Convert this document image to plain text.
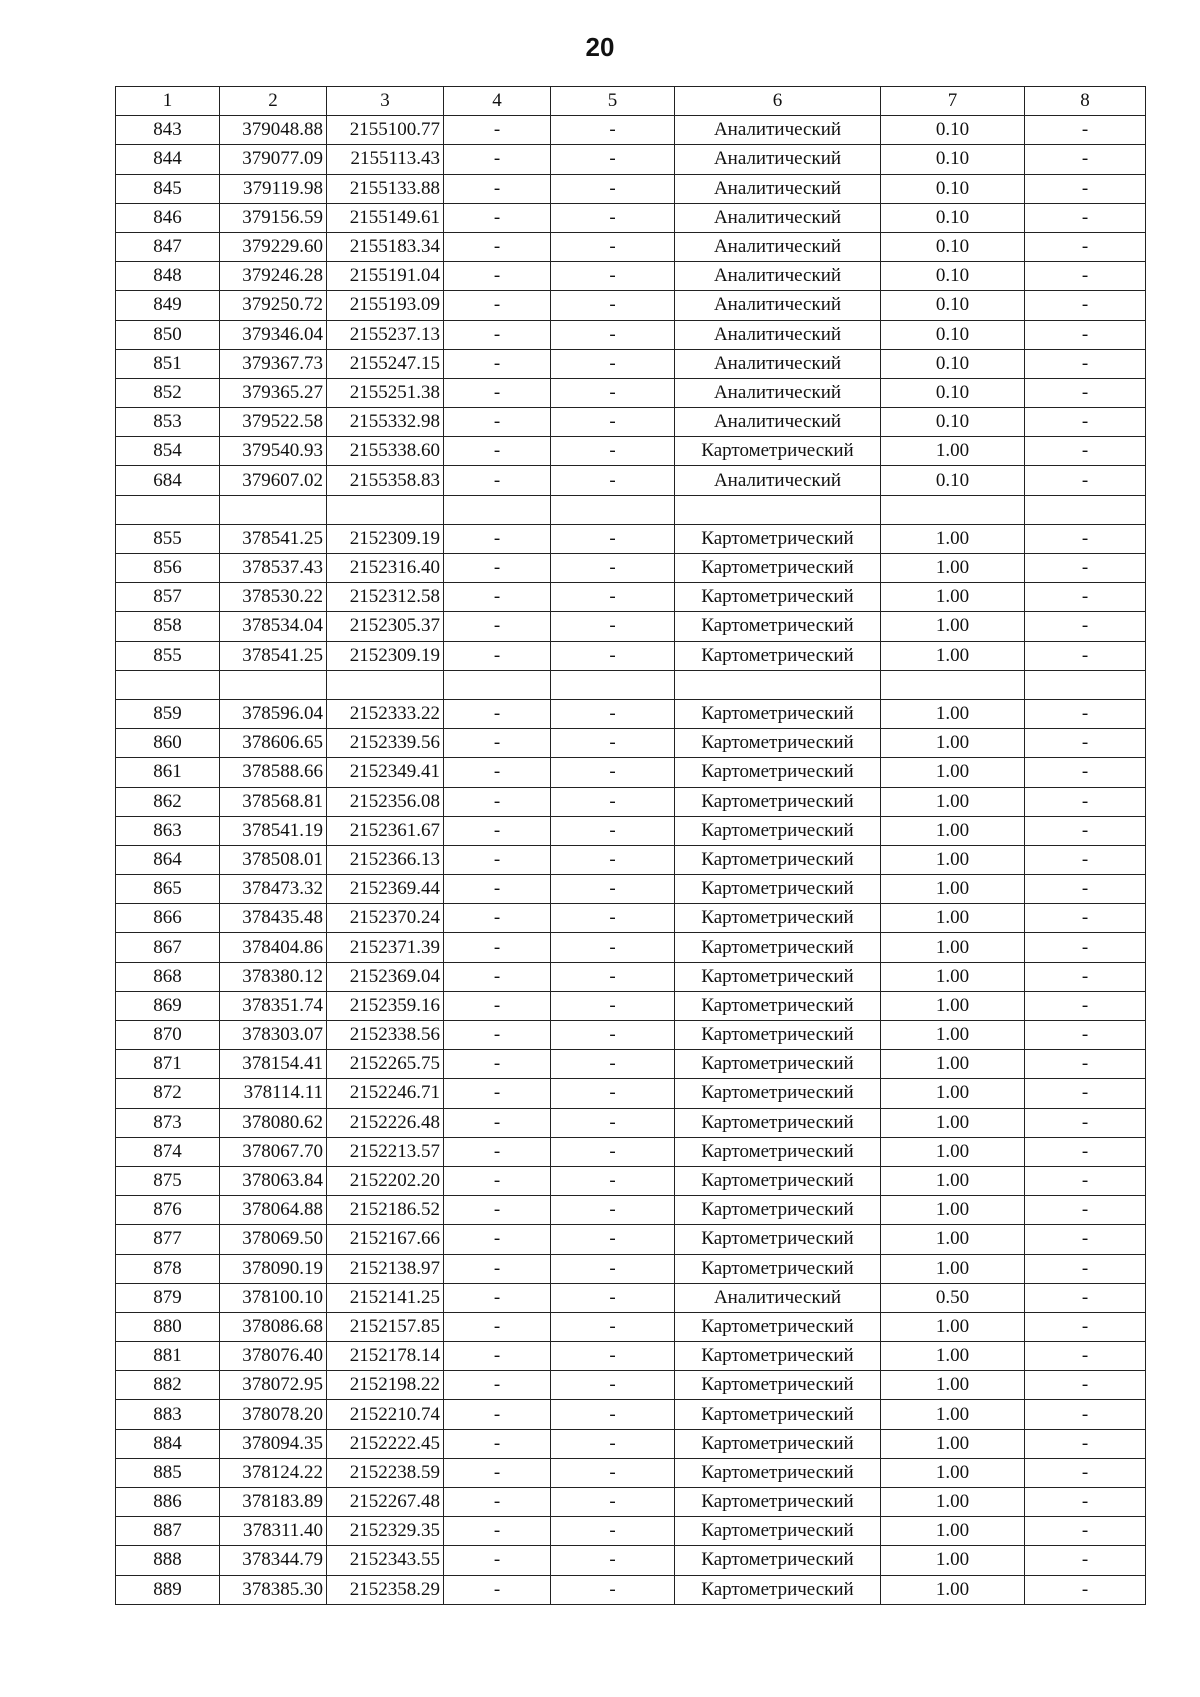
20
1	2	3	4	5	6	7	8
843	379048.88	2155100.77	-	-	Аналитический	0.10	-
844	379077.09	2155113.43	-	-	Аналитический	0.10	-
845	379119.98	2155133.88	-	-	Аналитический	0.10	-
846	379156.59	2155149.61	-	-	Аналитический	0.10	-
847	379229.60	2155183.34	-	-	Аналитический	0.10	-
848	379246.28	2155191.04	-	-	Аналитический	0.10	-
849	379250.72	2155193.09	-	-	Аналитический	0.10	-
850	379346.04	2155237.13	-	-	Аналитический	0.10	-
851	379367.73	2155247.15	-	-	Аналитический	0.10	-
852	379365.27	2155251.38	-	-	Аналитический	0.10	-
853	379522.58	2155332.98	-	-	Аналитический	0.10	-
854	379540.93	2155338.60	-	-	Картометрический	1.00	-
684	379607.02	2155358.83	-	-	Аналитический	0.10	-

855	378541.25	2152309.19	-	-	Картометрический	1.00	-
856	378537.43	2152316.40	-	-	Картометрический	1.00	-
857	378530.22	2152312.58	-	-	Картометрический	1.00	-
858	378534.04	2152305.37	-	-	Картометрический	1.00	-
855	378541.25	2152309.19	-	-	Картометрический	1.00	-

859	378596.04	2152333.22	-	-	Картометрический	1.00	-
860	378606.65	2152339.56	-	-	Картометрический	1.00	-
861	378588.66	2152349.41	-	-	Картометрический	1.00	-
862	378568.81	2152356.08	-	-	Картометрический	1.00	-
863	378541.19	2152361.67	-	-	Картометрический	1.00	-
864	378508.01	2152366.13	-	-	Картометрический	1.00	-
865	378473.32	2152369.44	-	-	Картометрический	1.00	-
866	378435.48	2152370.24	-	-	Картометрический	1.00	-
867	378404.86	2152371.39	-	-	Картометрический	1.00	-
868	378380.12	2152369.04	-	-	Картометрический	1.00	-
869	378351.74	2152359.16	-	-	Картометрический	1.00	-
870	378303.07	2152338.56	-	-	Картометрический	1.00	-
871	378154.41	2152265.75	-	-	Картометрический	1.00	-
872	378114.11	2152246.71	-	-	Картометрический	1.00	-
873	378080.62	2152226.48	-	-	Картометрический	1.00	-
874	378067.70	2152213.57	-	-	Картометрический	1.00	-
875	378063.84	2152202.20	-	-	Картометрический	1.00	-
876	378064.88	2152186.52	-	-	Картометрический	1.00	-
877	378069.50	2152167.66	-	-	Картометрический	1.00	-
878	378090.19	2152138.97	-	-	Картометрический	1.00	-
879	378100.10	2152141.25	-	-	Аналитический	0.50	-
880	378086.68	2152157.85	-	-	Картометрический	1.00	-
881	378076.40	2152178.14	-	-	Картометрический	1.00	-
882	378072.95	2152198.22	-	-	Картометрический	1.00	-
883	378078.20	2152210.74	-	-	Картометрический	1.00	-
884	378094.35	2152222.45	-	-	Картометрический	1.00	-
885	378124.22	2152238.59	-	-	Картометрический	1.00	-
886	378183.89	2152267.48	-	-	Картометрический	1.00	-
887	378311.40	2152329.35	-	-	Картометрический	1.00	-
888	378344.79	2152343.55	-	-	Картометрический	1.00	-
889	378385.30	2152358.29	-	-	Картометрический	1.00	-
